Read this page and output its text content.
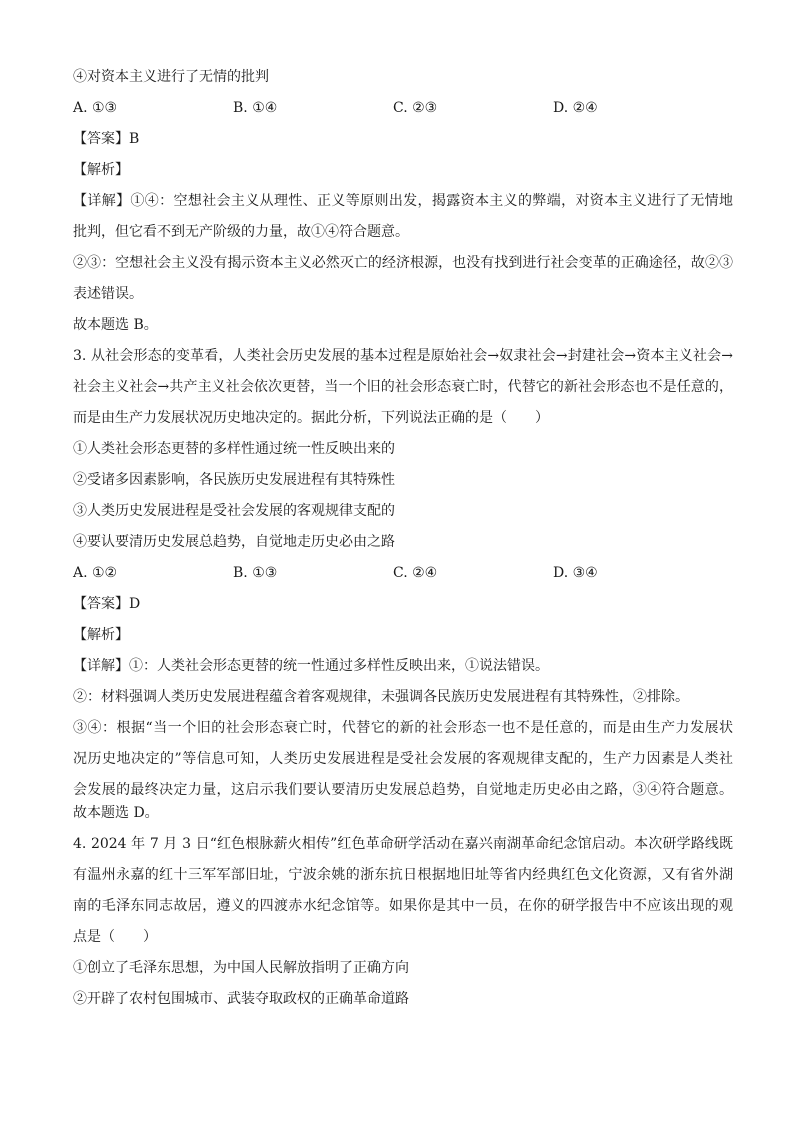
④对资本主义进行了无情的批判
A. ①③	B. ①④	C. ②③	D. ②④
【答案】B
【解析】
【详解】①④：空想社会主义从理性、正义等原则出发，揭露资本主义的弊端，对资本主义进行了无情地
批判，但它看不到无产阶级的力量，故①④符合题意。
②③：空想社会主义没有揭示资本主义必然灭亡的经济根源，也没有找到进行社会变革的正确途径，故②③
表述错误。
故本题选 B。
3. 从社会形态的变革看，人类社会历史发展的基本过程是原始社会→奴隶社会→封建社会→资本主义社会→
社会主义社会→共产主义社会依次更替，当一个旧的社会形态衰亡时，代替它的新社会形态也不是任意的，
而是由生产力发展状况历史地决定的。据此分析，下列说法正确的是（　　）
①人类社会形态更替的多样性通过统一性反映出来的
②受诸多因素影响，各民族历史发展进程有其特殊性
③人类历史发展进程是受社会发展的客观规律支配的
④要认要清历史发展总趋势，自觉地走历史必由之路
A. ①②	B. ①③	C. ②④	D. ③④
【答案】D
【解析】
【详解】①：人类社会形态更替的统一性通过多样性反映出来，①说法错误。
②：材料强调人类历史发展进程蕴含着客观规律，未强调各民族历史发展进程有其特殊性，②排除。
③④：根据“当一个旧的社会形态衰亡时，代替它的新的社会形态一也不是任意的，而是由生产力发展状
况历史地决定的”等信息可知，人类历史发展进程是受社会发展的客观规律支配的，生产力因素是人类社
会发展的最终决定力量，这启示我们要认要清历史发展总趋势，自觉地走历史必由之路，③④符合题意。
故本题选 D。
4. 2024 年 7 月 3 日“红色根脉薪火相传”红色革命研学活动在嘉兴南湖革命纪念馆启动。本次研学路线既
有温州永嘉的红十三军军部旧址，宁波余姚的浙东抗日根据地旧址等省内经典红色文化资源，又有省外湖
南的毛泽东同志故居，遵义的四渡赤水纪念馆等。如果你是其中一员，在你的研学报告中不应该出现的观
点是（　　）
①创立了毛泽东思想，为中国人民解放指明了正确方向
②开辟了农村包围城市、武装夺取政权的正确革命道路
